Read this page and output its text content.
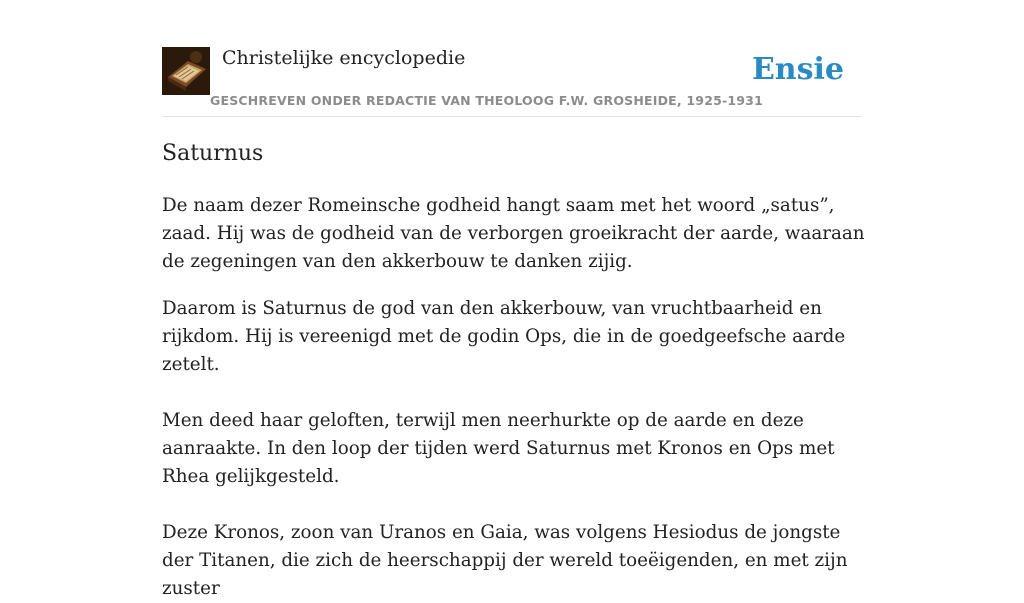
Christelijke encyclopedie
GESCHREVEN ONDER REDACTIE VAN THEOLOOG F.W. GROSHEIDE, 1925-1931
Ensie
Saturnus

De naam dezer Romeinsche godheid hangt saam met het woord „satus”, zaad. Hij was de godheid van de verborgen groeikracht der aarde, waaraan de zegeningen van den akkerbouw te danken zijig.

Daarom is Saturnus de god van den akkerbouw, van vruchtbaarheid en rijkdom. Hij is vereenigd met de godin Ops, die in de goedgeefsche aarde zetelt.

Men deed haar geloften, terwijl men neerhurkte op de aarde en deze aanraakte. In den loop der tijden werd Saturnus met Kronos en Ops met Rhea gelijkgesteld.

Deze Kronos, zoon van Uranos en Gaia, was volgens Hesiodus de jongste der Titanen, die zich de heerschappij der wereld toeëigenden, en met zijn zuster
